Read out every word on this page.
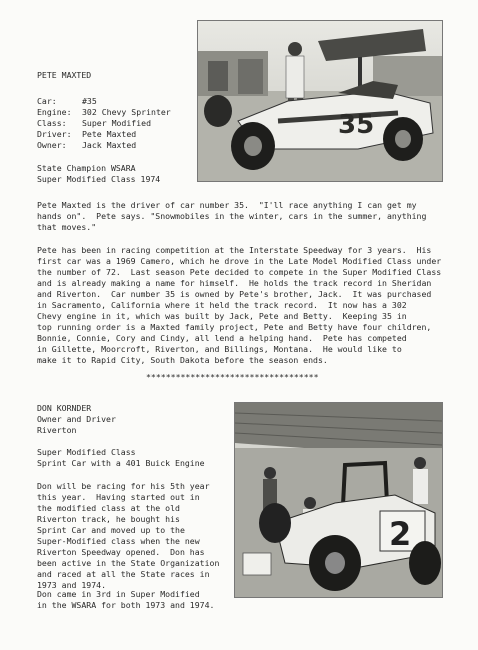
35

PETE MAXTED

Car:	#35

Engine: 302 Chevy Sprinter

Class: Super Modified

Driver: Pete Maxted

Owner: Jack Maxted

State Champion WSARA

Super Modified Class 1974

Pete Maxted is the driver of car number 35.  "I'll race anything I can get my

hands on".  Pete says. "Snowmobiles in the winter, cars in the summer, anything

that moves."

Pete has been in racing competition at the Interstate Speedway for 3 years.  His

first car was a 1969 Camero, which he drove in the Late Model Modified Class under

the number of 72.  Last season Pete decided to compete in the Super Modified Class

and is already making a name for himself.  He holds the track record in Sheridan

and Riverton.  Car number 35 is owned by Pete's brother, Jack.  It was purchased

in Sacramento, California where it held the track record.  It now has a 302

Chevy engine in it, which was built by Jack, Pete and Betty.  Keeping 35 in

top running order is a Maxted family project, Pete and Betty have four children,

Bonnie, Connie, Cory and Cindy, all lend a helping hand.  Pete has competed

in Gillette, Moorcroft, Riverton, and Billings, Montana.  He would like to

make it to Rapid City, South Dakota before the season ends.

***********************************

2

DON KORNDER

Owner and Driver

Riverton

Super Modified Class

Sprint Car with a 401 Buick Engine

Don will be racing for his 5th year

this year.  Having started out in

the modified class at the old

Riverton track, he bought his

Sprint Car and moved up to the

Super-Modified class when the new

Riverton Speedway opened.  Don has

been active in the State Organization

and raced at all the State races in

1973 and 1974.

Don came in 3rd in Super Modified

in the WSARA for both 1973 and 1974.
